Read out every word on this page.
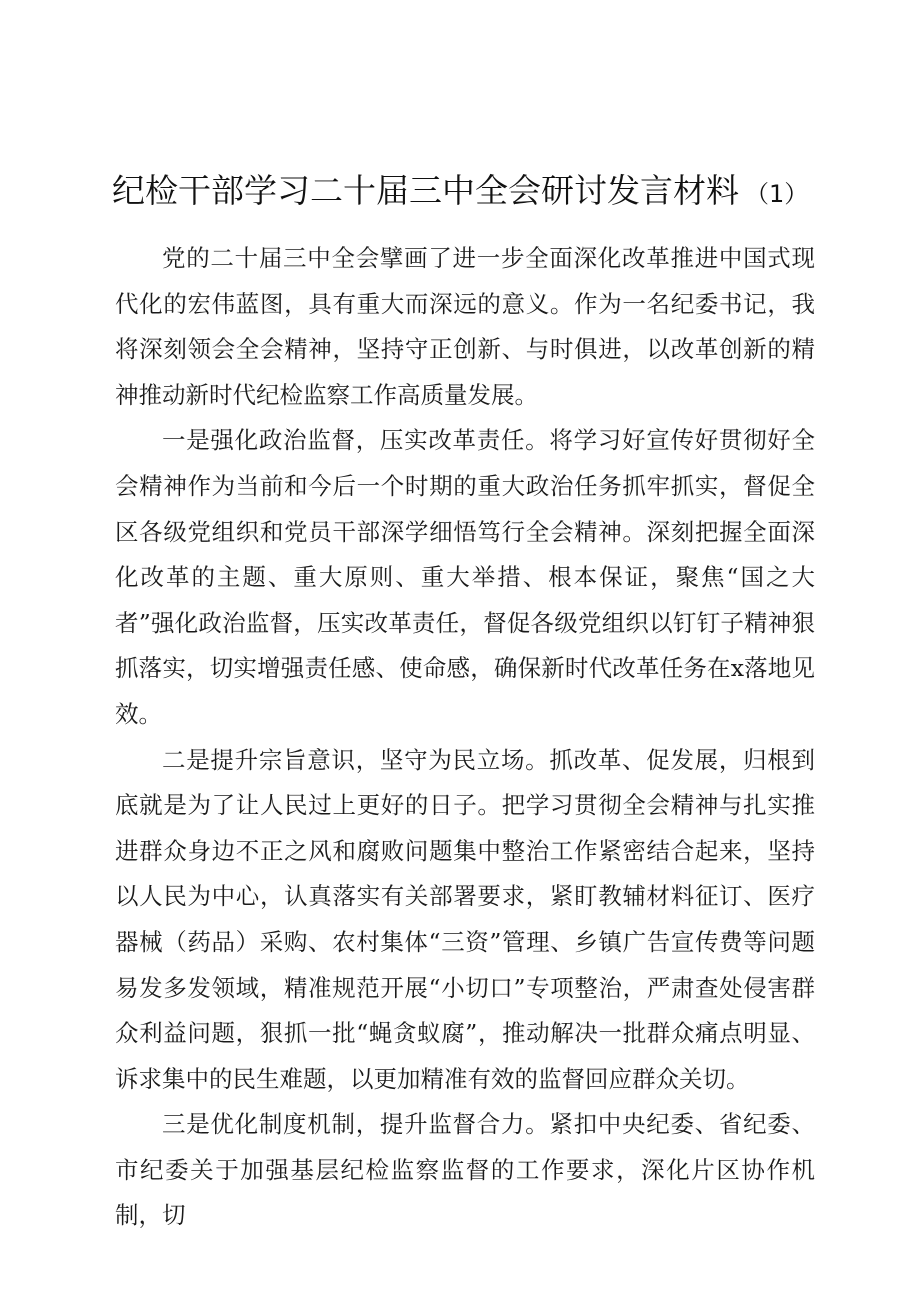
纪检干部学习二十届三中全会研讨发言材料 （1）

党的二十届三中全会擘画了进一步全面深化改革推进中国式现代化的宏伟蓝图，具有重大而深远的意义。作为一名纪委书记，我将深刻领会全会精神，坚持守正创新、与时俱进，以改革创新的精神推动新时代纪检监察工作高质量发展。

一是强化政治监督，压实改革责任。将学习好宣传好贯彻好全会精神作为当前和今后一个时期的重大政治任务抓牢抓实，督促全区各级党组织和党员干部深学细悟笃行全会精神。深刻把握全面深化改革的主题、重大原则、重大举措、根本保证，聚焦“国之大者”强化政治监督，压实改革责任，督促各级党组织以钉钉子精神狠抓落实，切实增强责任感、使命感，确保新时代改革任务在x落地见效。

二是提升宗旨意识，坚守为民立场。抓改革、促发展，归根到底就是为了让人民过上更好的日子。把学习贯彻全会精神与扎实推进群众身边不正之风和腐败问题集中整治工作紧密结合起来，坚持以人民为中心，认真落实有关部署要求，紧盯教辅材料征订、医疗器械（药品）采购、农村集体“三资”管理、乡镇广告宣传费等问题易发多发领域，精准规范开展“小切口”专项整治，严肃查处侵害群众利益问题，狠抓一批“蝇贪蚁腐”，推动解决一批群众痛点明显、诉求集中的民生难题，以更加精准有效的监督回应群众关切。

三是优化制度机制，提升监督合力。紧扣中央纪委、省纪委、市纪委关于加强基层纪检监察监督的工作要求，深化片区协作机制，切
